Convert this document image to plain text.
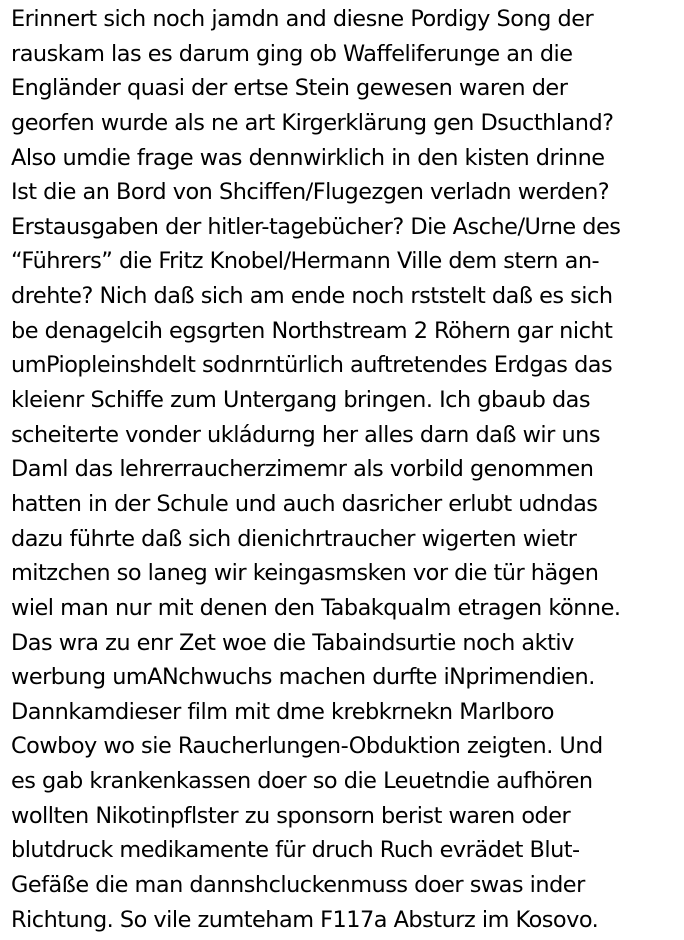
Erinnert sich noch jamdn and diesne Pordigy Song der
rauskam las es darum ging ob Waffeliferunge an die
Engländer quasi der ertse Stein gewesen waren der
georfen wurde als ne art Kirgerklärung gen Dsucthland?
Also umdie frage was dennwirklich in den kisten drinne
Ist die an Bord von Shciffen/Flugezgen verladn werden?
Erstausgaben der hitler-tagebücher? Die Asche/Urne des
“Führers” die Fritz Knobel/Hermann Ville dem stern an-
drehte? Nich daß sich am ende noch rststelt daß es sich
be denagelcih egsgrten Northstream 2 Röhern gar nicht
umPiopleinshdelt sodnrntürlich auftretendes Erdgas das
kleienr Schiffe zum Untergang bringen. Ich gbaub das
scheiterte vonder ukládurng her alles darn daß wir uns
Daml das lehrerraucherzimemr als vorbild genommen
hatten in der Schule und auch dasricher erlubt udndas
dazu führte daß sich dienichrtraucher wigerten wietr
mitzchen so laneg wir keingasmsken vor die tür hägen
wiel man nur mit denen den Tabakqualm etragen könne.
Das wra zu enr Zet woe die Tabaindsurtie noch aktiv
werbung umANchwuchs machen durfte iNprimendien.
Dannkamdieser film mit dme krebkrnekn Marlboro
Cowboy wo sie Raucherlungen-Obduktion zeigten. Und
es gab krankenkassen doer so die Leuetndie aufhören
wollten Nikotinpflster zu sponsorn berist waren oder
blutdruck medikamente für druch Ruch evrädet Blut-
Gefäße die man dannshcluckenmuss doer swas inder
Richtung. So vile zumteham F117a Absturz im Kosovo.
